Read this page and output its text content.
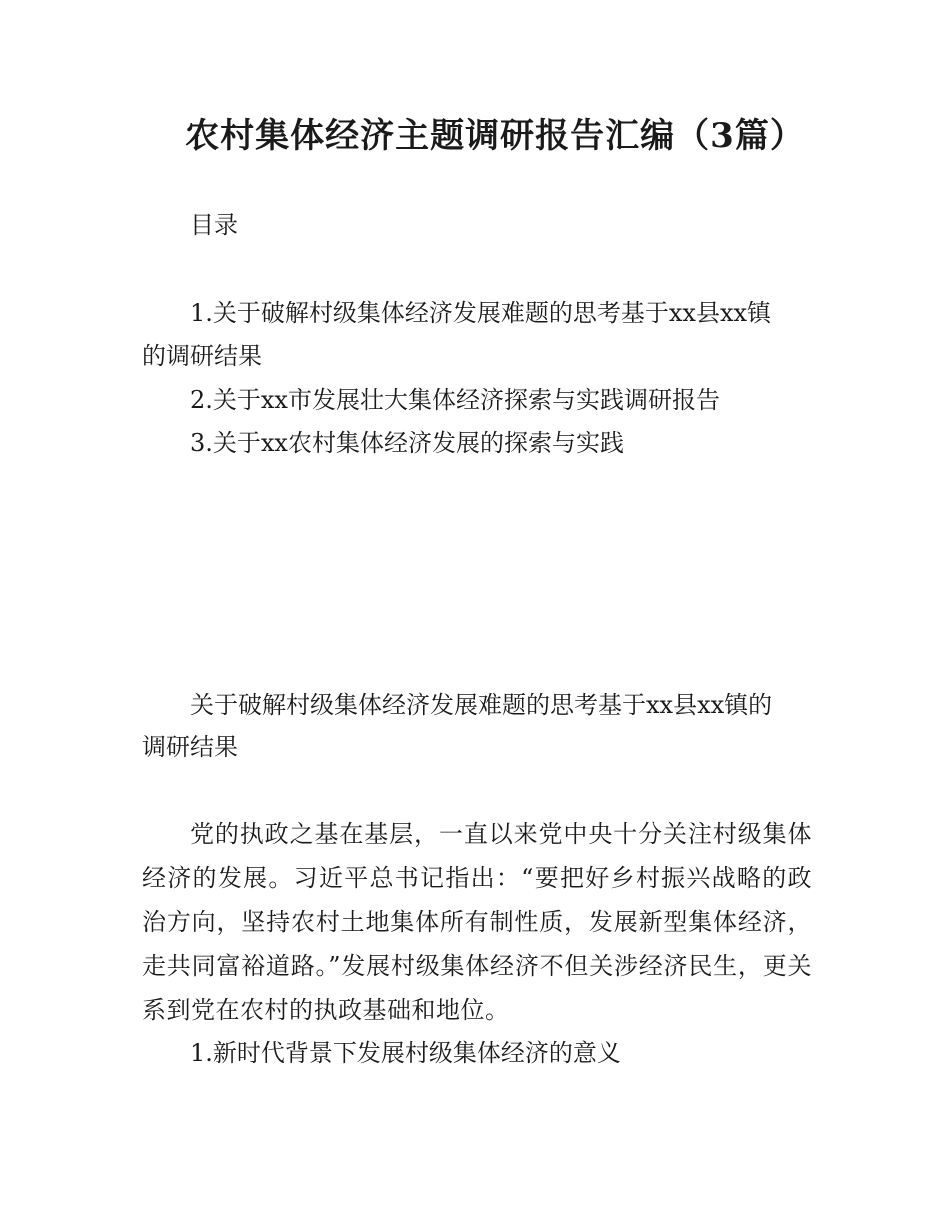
农村集体经济主题调研报告汇编（3篇）

目录

1.关于破解村级集体经济发展难题的思考基于xx县xx镇

的调研结果

2.关于xx市发展壮大集体经济探索与实践调研报告

3.关于xx农村集体经济发展的探索与实践

关于破解村级集体经济发展难题的思考基于xx县xx镇的

调研结果

党的执政之基在基层，一直以来党中央十分关注村级集体经济的发展。习近平总书记指出：“要把好乡村振兴战略的政治方向，坚持农村土地集体所有制性质，发展新型集体经济，走共同富裕道路。”发展村级集体经济不但关涉经济民生，更关系到党在农村的执政基础和地位。

1.新时代背景下发展村级集体经济的意义
